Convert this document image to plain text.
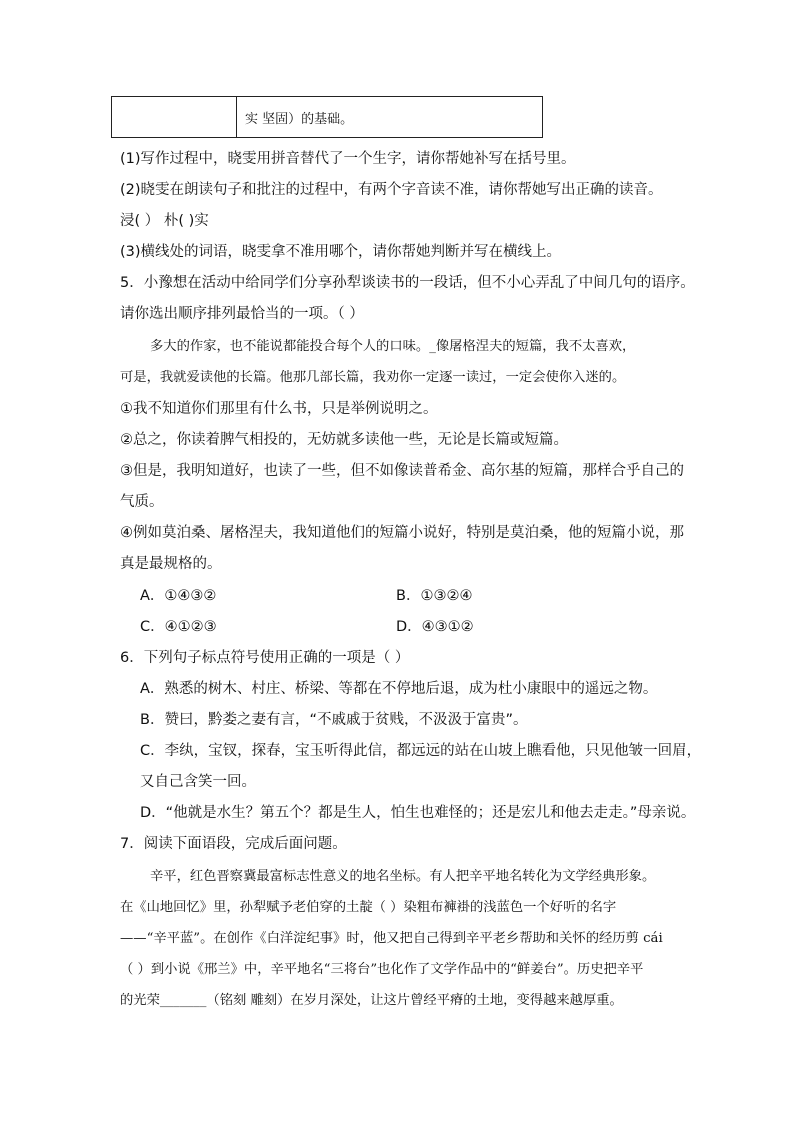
	实 坚固）的基础。
(1)写作过程中，晓雯用拼音替代了一个生字，请你帮她补写在括号里。
(2)晓雯在朗读句子和批注的过程中，有两个字音读不准，请你帮她写出正确的读音。
浸( ） 朴( )实
(3)横线处的词语，晓雯拿不准用哪个，请你帮她判断并写在横线上。
5．小豫想在活动中给同学们分享孙犁谈读书的一段话，但不小心弄乱了中间几句的语序。
请你选出顺序排列最恰当的一项。（ ）
多大的作家，也不能说都能投合每个人的口味。_像屠格涅夫的短篇，我不太喜欢，
可是，我就爱读他的长篇。他那几部长篇，我劝你一定逐一读过，一定会使你入迷的。
①我不知道你们那里有什么书，只是举例说明之。
②总之，你读着脾气相投的，无妨就多读他一些，无论是长篇或短篇。
③但是，我明知道好，也读了一些，但不如像读普希金、高尔基的短篇，那样合乎自己的
气质。
④例如莫泊桑、屠格涅夫，我知道他们的短篇小说好，特别是莫泊桑，他的短篇小说，那
真是最规格的。
A．①④③②	B．①③②④
C．④①②③	D．④③①②
6．下列句子标点符号使用正确的一项是（ ）
A．熟悉的树木、村庄、桥梁、等都在不停地后退，成为杜小康眼中的遥远之物。
B．赞曰，黔娄之妻有言，“不戚戚于贫贱，不汲汲于富贵”。
C．李纨，宝钗，探春，宝玉听得此信，都远远的站在山坡上瞧看他，只见他皱一回眉，
又自己含笑一回。
D．“他就是水生？第五个？都是生人，怕生也难怪的；还是宏儿和他去走走。”母亲说。
7．阅读下面语段，完成后面问题。
辛平，红色晋察冀最富标志性意义的地名坐标。有人把辛平地名转化为文学经典形象。
在《山地回忆》里，孙犁赋予老伯穿的土靛（ ）染粗布褲褂的浅蓝色一个好听的名字
——“辛平蓝”。在创作《白洋淀纪事》时，他又把自己得到辛平老乡帮助和关怀的经历剪 cái
（ ）到小说《邢兰》中，辛平地名“三将台”也化作了文学作品中的“鲜姜台”。历史把辛平
的光荣_______（铭刻 雕刻）在岁月深处，让这片曾经平瘠的土地，变得越来越厚重。
